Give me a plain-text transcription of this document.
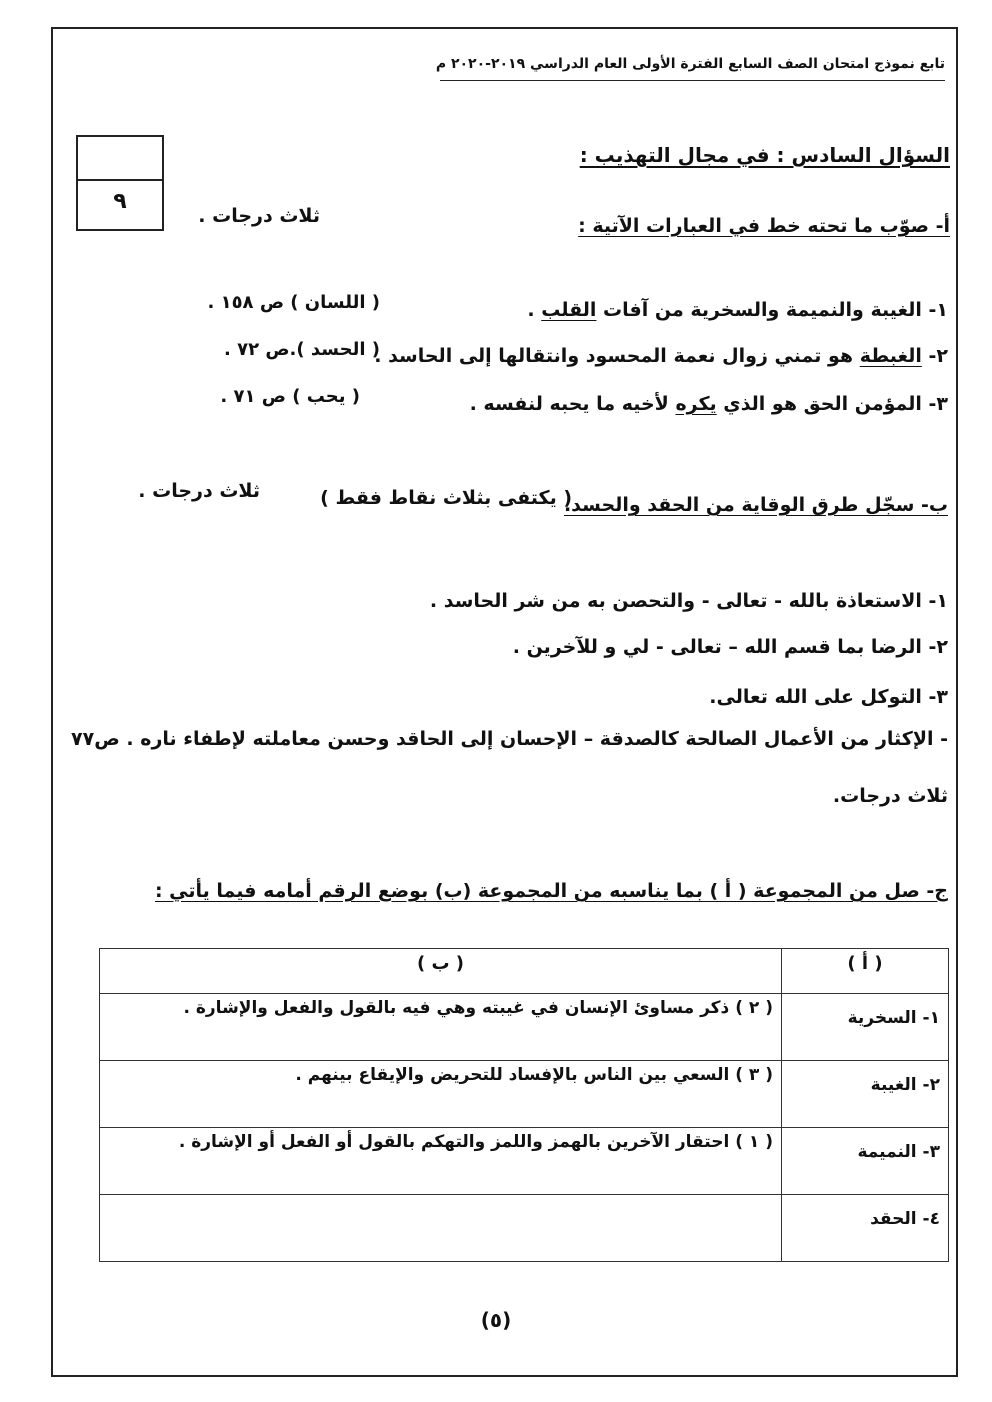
تابع نموذج امتحان الصف السابع الفترة الأولى العام الدراسي ٢٠١٩-٢٠٢٠ م
٩
السؤال السادس : في مجال التهذيب :
أ- صوّب ما تحته خط في العبارات الآتية :
ثلاث درجات .
١- الغيبة والنميمة والسخرية من آفات القلب .
( اللسان ) ص ١٥٨ .
٢- الغبطة هو تمني زوال نعمة المحسود وانتقالها إلى الحاسد .
( الحسد ).ص ٧٢ .
٣- المؤمن الحق هو الذي يكره لأخيه ما يحبه لنفسه .
( يحب ) ص ٧١ .
ب- سجّل طرق الوقاية من الحقد والحسد.
( يكتفى بثلاث نقاط فقط )
ثلاث درجات .
١- الاستعاذة بالله - تعالى - والتحصن به من شر الحاسد .
٢- الرضا بما قسم الله – تعالى - لي و للآخرين .
٣- التوكل على الله تعالى.
- الإكثار من الأعمال الصالحة كالصدقة – الإحسان إلى الحاقد وحسن معاملته لإطفاء ناره . ص٧٧
ثلاث درجات.
ج- صل من المجموعة ( أ ) بما يناسبه من المجموعة (ب) بوضع الرقم أمامه فيما يأتي :
( أ )	( ب )
١- السخرية	( ٢ ) ذكر مساوئ الإنسان في غيبته وهي فيه بالقول والفعل والإشارة .
٢- الغيبة	( ٣ ) السعي بين الناس بالإفساد للتحريض والإيقاع بينهم .
٣- النميمة	( ١ ) احتقار الآخرين بالهمز واللمز والتهكم بالقول أو الفعل أو الإشارة .
٤- الحقد	
(٥)
